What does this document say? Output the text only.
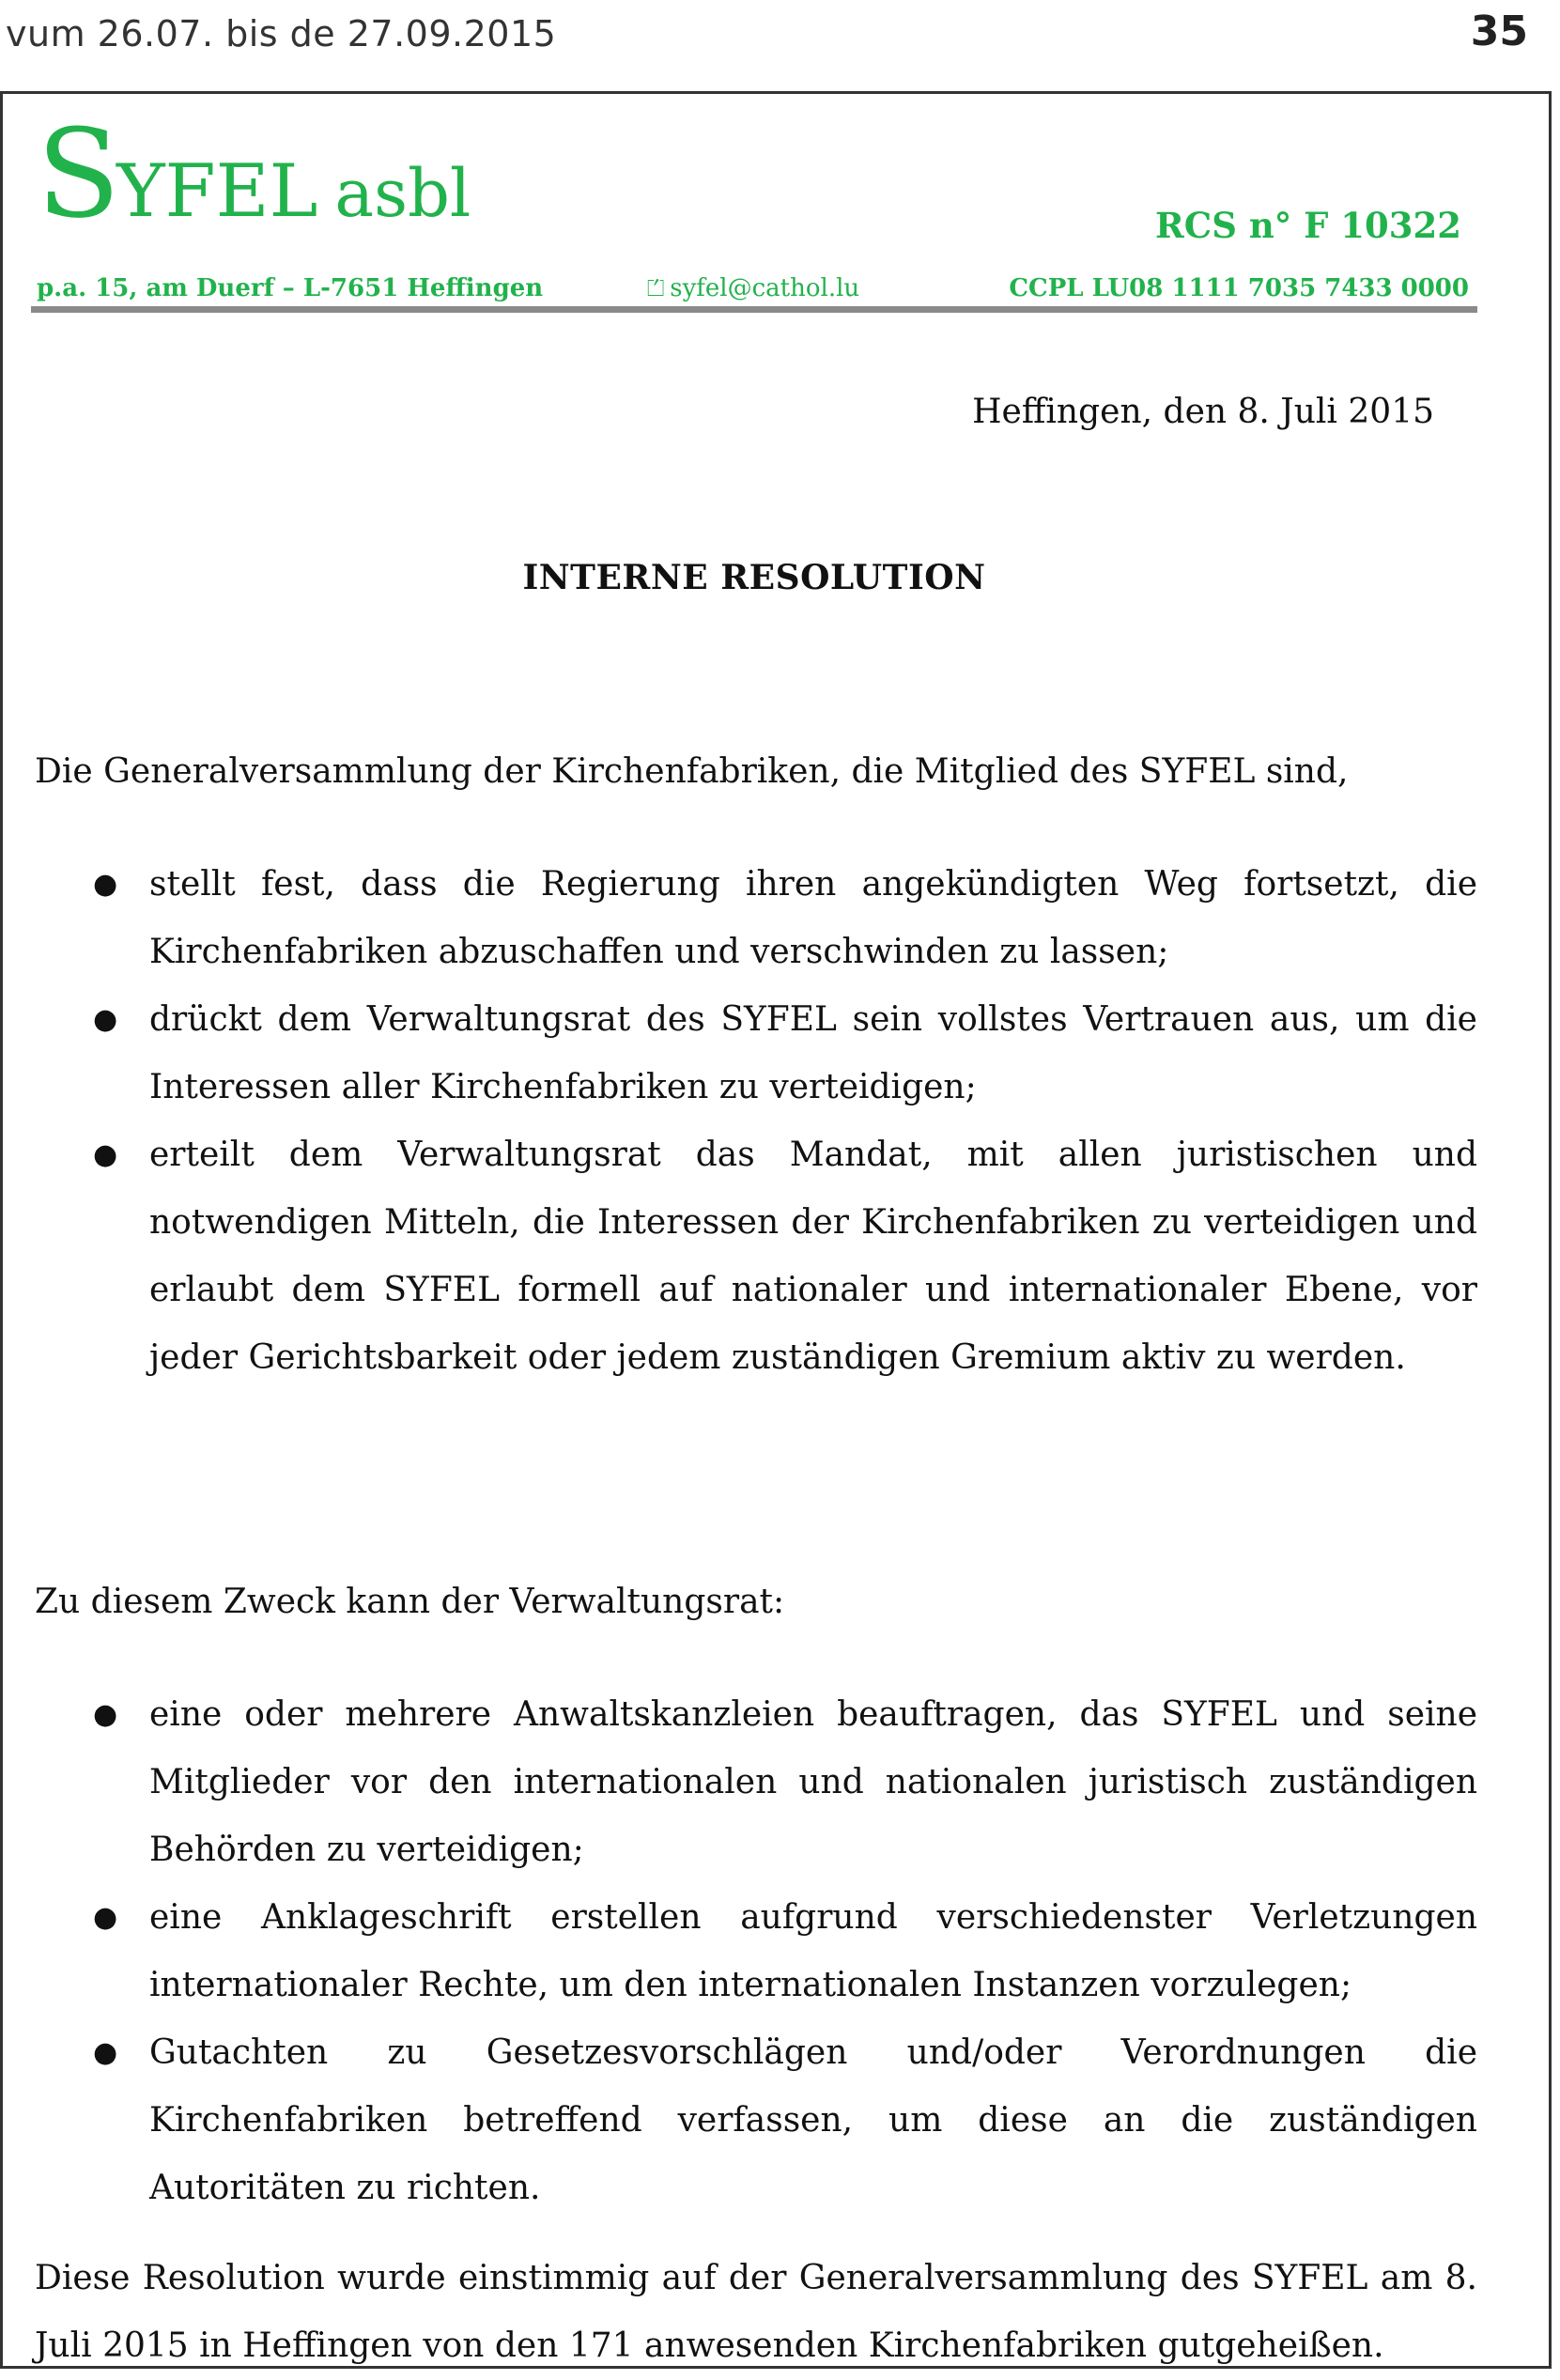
vum 26.07. bis de 27.09.2015	35
SYFEL asbl	RCS n° F 10322
p.a. 15, am Duerf – L-7651 Heffingen	⏍ syfel@cathol.lu	CCPL LU08 1111 7035 7433 0000
Heffingen, den 8. Juli 2015
INTERNE RESOLUTION
Die Generalversammlung der Kirchenfabriken, die Mitglied des SYFEL sind,
● stellt fest, dass die Regierung ihren angekündigten Weg fortsetzt, die Kirchenfabriken abzuschaffen und verschwinden zu lassen;
● drückt dem Verwaltungsrat des SYFEL sein vollstes Vertrauen aus, um die Interessen aller Kirchenfabriken zu verteidigen;
● erteilt dem Verwaltungsrat das Mandat, mit allen juristischen und notwendigen Mitteln, die Interessen der Kirchenfabriken zu verteidigen und erlaubt dem SYFEL formell auf nationaler und internationaler Ebene, vor jeder Gerichtsbarkeit oder jedem zuständigen Gremium aktiv zu werden.
Zu diesem Zweck kann der Verwaltungsrat:
● eine oder mehrere Anwaltskanzleien beauftragen, das SYFEL und seine Mitglieder vor den internationalen und nationalen juristisch zuständigen Behörden zu verteidigen;
● eine Anklageschrift erstellen aufgrund verschiedenster Verletzungen internationaler Rechte, um den internationalen Instanzen vorzulegen;
● Gutachten zu Gesetzesvorschlägen und/oder Verordnungen die Kirchenfabriken betreffend verfassen, um diese an die zuständigen Autoritäten zu richten.
Diese Resolution wurde einstimmig auf der Generalversammlung des SYFEL am 8. Juli 2015 in Heffingen von den 171 anwesenden Kirchenfabriken gutgeheißen.
